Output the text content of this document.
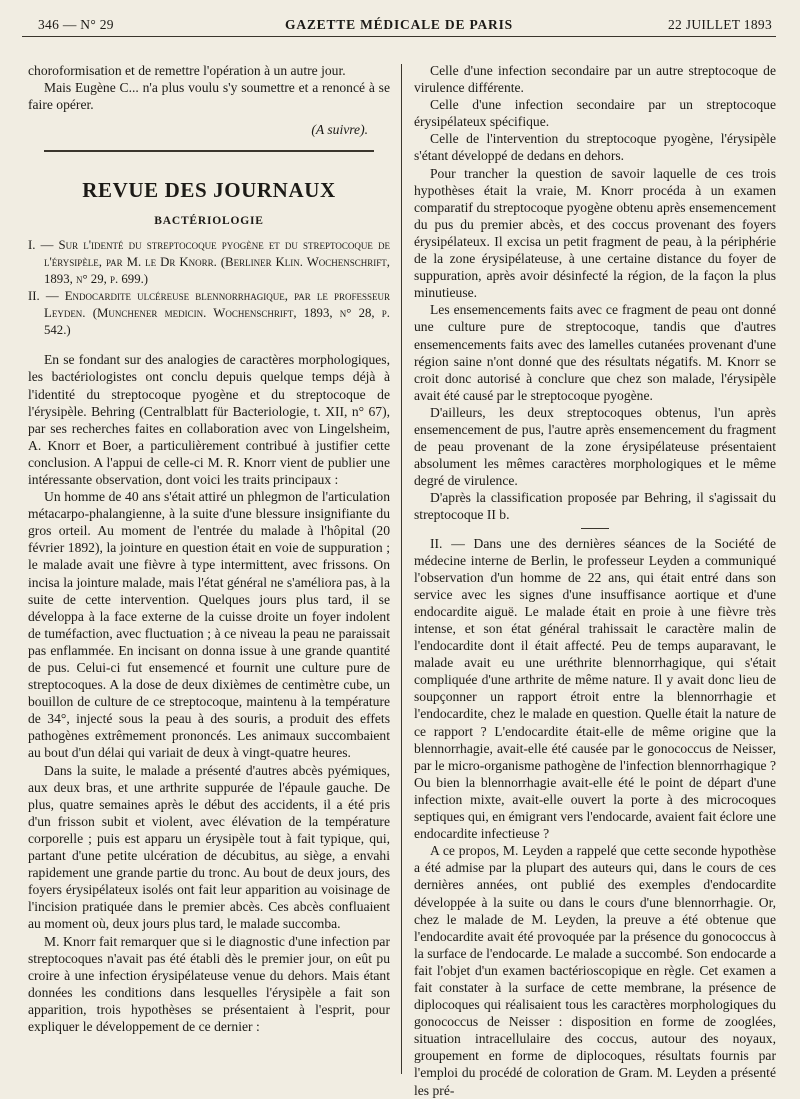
346 — N° 29	GAZETTE MÉDICALE DE PARIS	22 JUILLET 1893

choroformisation et de remettre l'opération à un autre jour.

Mais Eugène C... n'a plus voulu s'y soumettre et a renoncé à se faire opérer.

(A suivre).

REVUE DES JOURNAUX
BACTÉRIOLOGIE

I. — Sur l'identé du streptocoque pyogène et du streptocoque de l'érysipèle, par M. le Dr Knorr. (Berliner Klin. Wochenschrift, 1893, n° 29, p. 699.)

II. — Endocardite ulcéreuse blennorrhagique, par le professeur Leyden. (Munchener medicin. Wochenschrift, 1893, n° 28, p. 542.)

En se fondant sur des analogies de caractères morphologiques, les bactériologistes ont conclu depuis quelque temps déjà à l'identité du streptocoque pyogène et du streptocoque de l'érysipèle. Behring (Centralblatt für Bacteriologie, t. XII, n° 67), par ses recherches faites en collaboration avec von Lingelsheim, A. Knorr et Boer, a particulièrement contribué à justifier cette conclusion. A l'appui de celle-ci M. R. Knorr vient de publier une intéressante observation, dont voici les traits principaux :

Un homme de 40 ans s'était attiré un phlegmon de l'articulation métacarpo-phalangienne, à la suite d'une blessure insignifiante du gros orteil. Au moment de l'entrée du malade à l'hôpital (20 février 1892), la jointure en question était en voie de suppuration ; le malade avait une fièvre à type intermittent, avec frissons. On incisa la jointure malade, mais l'état général ne s'améliora pas, à la suite de cette intervention. Quelques jours plus tard, il se développa à la face externe de la cuisse droite un foyer indolent de tuméfaction, avec fluctuation ; à ce niveau la peau ne paraissait pas enflammée. En incisant on donna issue à une grande quantité de pus. Celui-ci fut ensemencé et fournit une culture pure de streptocoques. A la dose de deux dixièmes de centimètre cube, un bouillon de culture de ce streptocoque, maintenu à la température de 34°, injecté sous la peau à des souris, a produit des effets pathogènes extrêmement prononcés. Les animaux succombaient au bout d'un délai qui variait de deux à vingt-quatre heures.

Dans la suite, le malade a présenté d'autres abcès pyémiques, aux deux bras, et une arthrite suppurée de l'épaule gauche. De plus, quatre semaines après le début des accidents, il a été pris d'un frisson subit et violent, avec élévation de la température corporelle ; puis est apparu un érysipèle tout à fait typique, qui, partant d'une petite ulcération de décubitus, au siège, a envahi rapidement une grande partie du tronc. Au bout de deux jours, des foyers érysipélateux isolés ont fait leur apparition au voisinage de l'incision pratiquée dans le premier abcès. Ces abcès confluaient au moment où, deux jours plus tard, le malade succomba.

M. Knorr fait remarquer que si le diagnostic d'une infection par streptocoques n'avait pas été établi dès le premier jour, on eût pu croire à une infection érysipélateuse venue du dehors. Mais étant données les conditions dans lesquelles l'érysipèle a fait son apparition, trois hypothèses se présentaient à l'esprit, pour expliquer le développement de ce dernier :

Celle d'une infection secondaire par un autre streptocoque de virulence différente.

Celle d'une infection secondaire par un streptocoque érysipélateux spécifique.

Celle de l'intervention du streptocoque pyogène, l'érysipèle s'étant développé de dedans en dehors.

Pour trancher la question de savoir laquelle de ces trois hypothèses était la vraie, M. Knorr procéda à un examen comparatif du streptocoque pyogène obtenu après ensemencement du pus du premier abcès, et des coccus provenant des foyers érysipélateux. Il excisa un petit fragment de peau, à la périphérie de la zone érysipélateuse, à une certaine distance du foyer de suppuration, après avoir désinfecté la région, de la façon la plus minutieuse.

Les ensemencements faits avec ce fragment de peau ont donné une culture pure de streptocoque, tandis que d'autres ensemencements faits avec des lamelles cutanées provenant d'une région saine n'ont donné que des résultats négatifs. M. Knorr se croit donc autorisé à conclure que chez son malade, l'érysipèle avait été causé par le streptocoque pyogène.

D'ailleurs, les deux streptocoques obtenus, l'un après ensemencement de pus, l'autre après ensemencement du fragment de peau provenant de la zone érysipélateuse présentaient absolument les mêmes caractères morphologiques et le même degré de virulence.

D'après la classification proposée par Behring, il s'agissait du streptocoque II b.

II. — Dans une des dernières séances de la Société de médecine interne de Berlin, le professeur Leyden a communiqué l'observation d'un homme de 22 ans, qui était entré dans son service avec les signes d'une insuffisance aortique et d'une endocardite aiguë. Le malade était en proie à une fièvre très intense, et son état général trahissait le caractère malin de l'endocardite dont il était affecté. Peu de temps auparavant, le malade avait eu une uréthrite blennorrhagique, qui s'était compliquée d'une arthrite de même nature. Il y avait donc lieu de soupçonner un rapport étroit entre la blennorrhagie et l'endocardite, chez le malade en question. Quelle était la nature de ce rapport ? L'endocardite était-elle de même origine que la blennorrhagie, avait-elle été causée par le gonococcus de Neisser, par le micro-organisme pathogène de l'infection blennorrhagique ? Ou bien la blennorrhagie avait-elle été le point de départ d'une infection mixte, avait-elle ouvert la porte à des microcoques septiques qui, en émigrant vers l'endocarde, avaient fait éclore une endocardite infectieuse ?

A ce propos, M. Leyden a rappelé que cette seconde hypothèse a été admise par la plupart des auteurs qui, dans le cours de ces dernières années, ont publié des exemples d'endocardite développée à la suite ou dans le cours d'une blennorrhagie. Or, chez le malade de M. Leyden, la preuve a été obtenue que l'endocardite avait été provoquée par la présence du gonococcus à la surface de l'endocarde. Le malade a succombé. Son endocarde a fait l'objet d'un examen bactérioscopique en règle. Cet examen a fait constater à la surface de cette membrane, la présence de diplocoques qui réalisaient tous les caractères morphologiques du gonococcus de Neisser : disposition en forme de zooglées, situation intracellulaire des coccus, autour des noyaux, groupement en forme de diplocoques, résultats fournis par l'emploi du procédé de coloration de Gram. M. Leyden a présenté les pré-
